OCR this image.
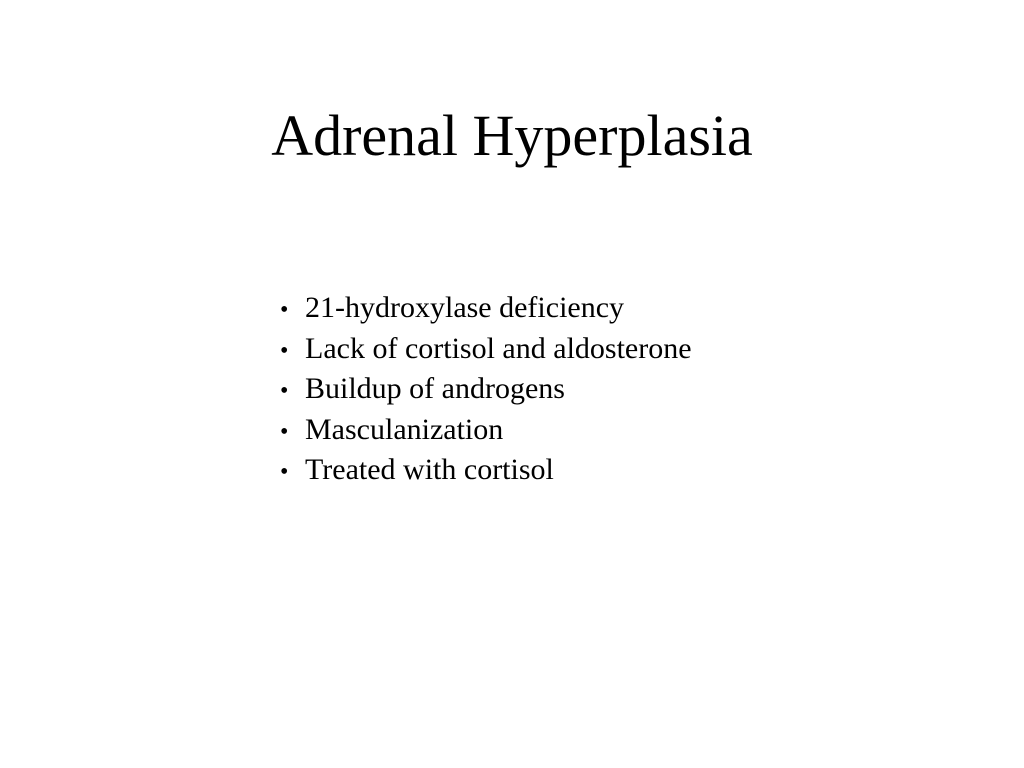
Adrenal Hyperplasia
• 21-hydroxylase deficiency
• Lack of cortisol and aldosterone
• Buildup of androgens
• Masculanization
• Treated with cortisol
